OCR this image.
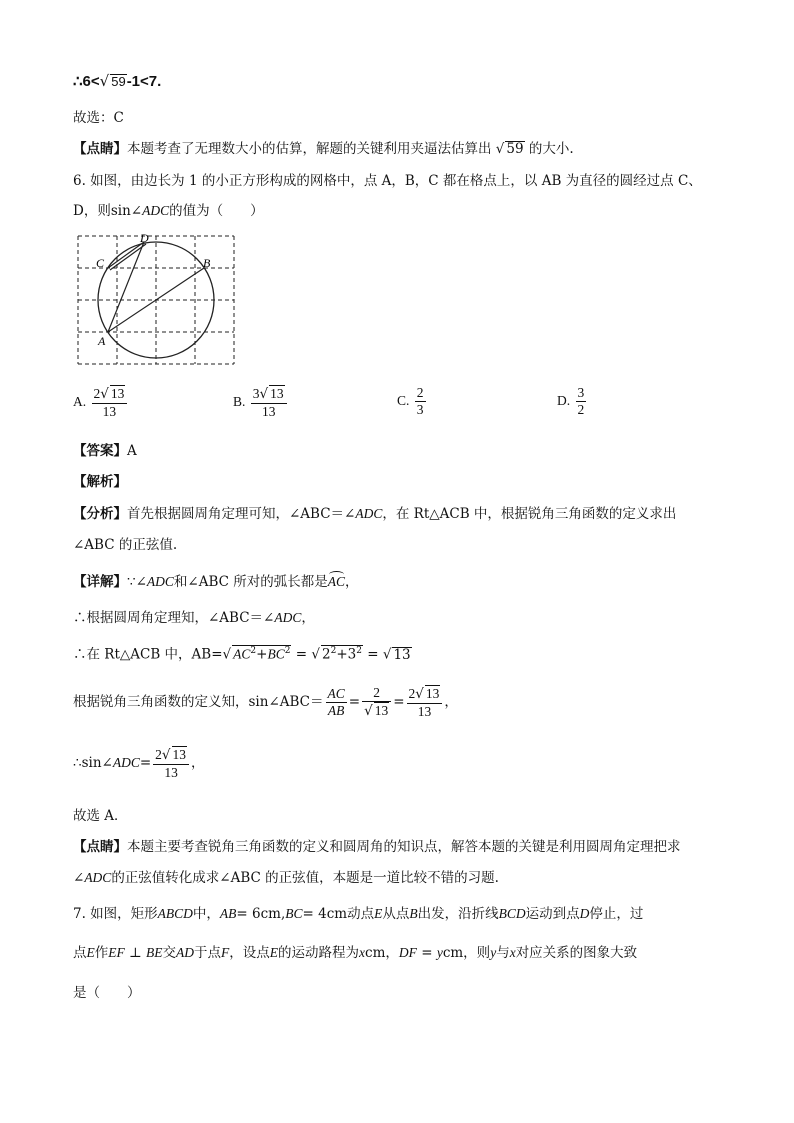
∴6<√ 59-1<7.
故选：C
【点睛】本题考查了无理数大小的估算，解题的关键利用夹逼法估算出 √ 59 的大小.
6. 如图，由边长为 1 的小正方形构成的网格中，点 A，B，C 都在格点上，以 AB 为直径的圆经过点 C、
D，则sin∠ADC的值为（　　）
D
C	B
A
A. $\frac{2√ 13}{13}$	B. $\frac{3√ 13}{13}$	C. $\frac{2}{3}$	D. $\frac{3}{2}$
【答案】A
【解析】
【分析】首先根据圆周角定理可知，∠ABC＝∠ADC，在 Rt△ACB 中，根据锐角三角函数的定义求出
∠ABC 的正弦值.
【详解】∵∠ADC和∠ABC 所对的弧长都是AC，
∴根据圆周角定理知，∠ABC＝∠ADC，
∴在 Rt△ACB 中，AB=√ $AC^2+BC^2$ = √ $2^2+3^2$ = √ 13
根据锐角三角函数的定义知，sin∠ABC＝ $\frac{AC}{AB} = \frac{2}{√ 13} = \frac{2√ 13}{13}$ ，
∴sin∠ADC= $\frac{2√ 13}{13}$ ，
故选 A．
【点睛】本题主要考查锐角三角函数的定义和圆周角的知识点，解答本题的关键是利用圆周角定理把求
∠ADC的正弦值转化成求∠ABC 的正弦值，本题是一道比较不错的习题.
7. 如图，矩形ABCD中，AB= 6cm,BC= 4cm动点E从点B出发，沿折线BCD运动到点D停止，过
点E作EF ⊥ BE交AD于点F，设点E的运动路程为xcm，DF = ycm，则y与x对应关系的图象大致
是（　　）
